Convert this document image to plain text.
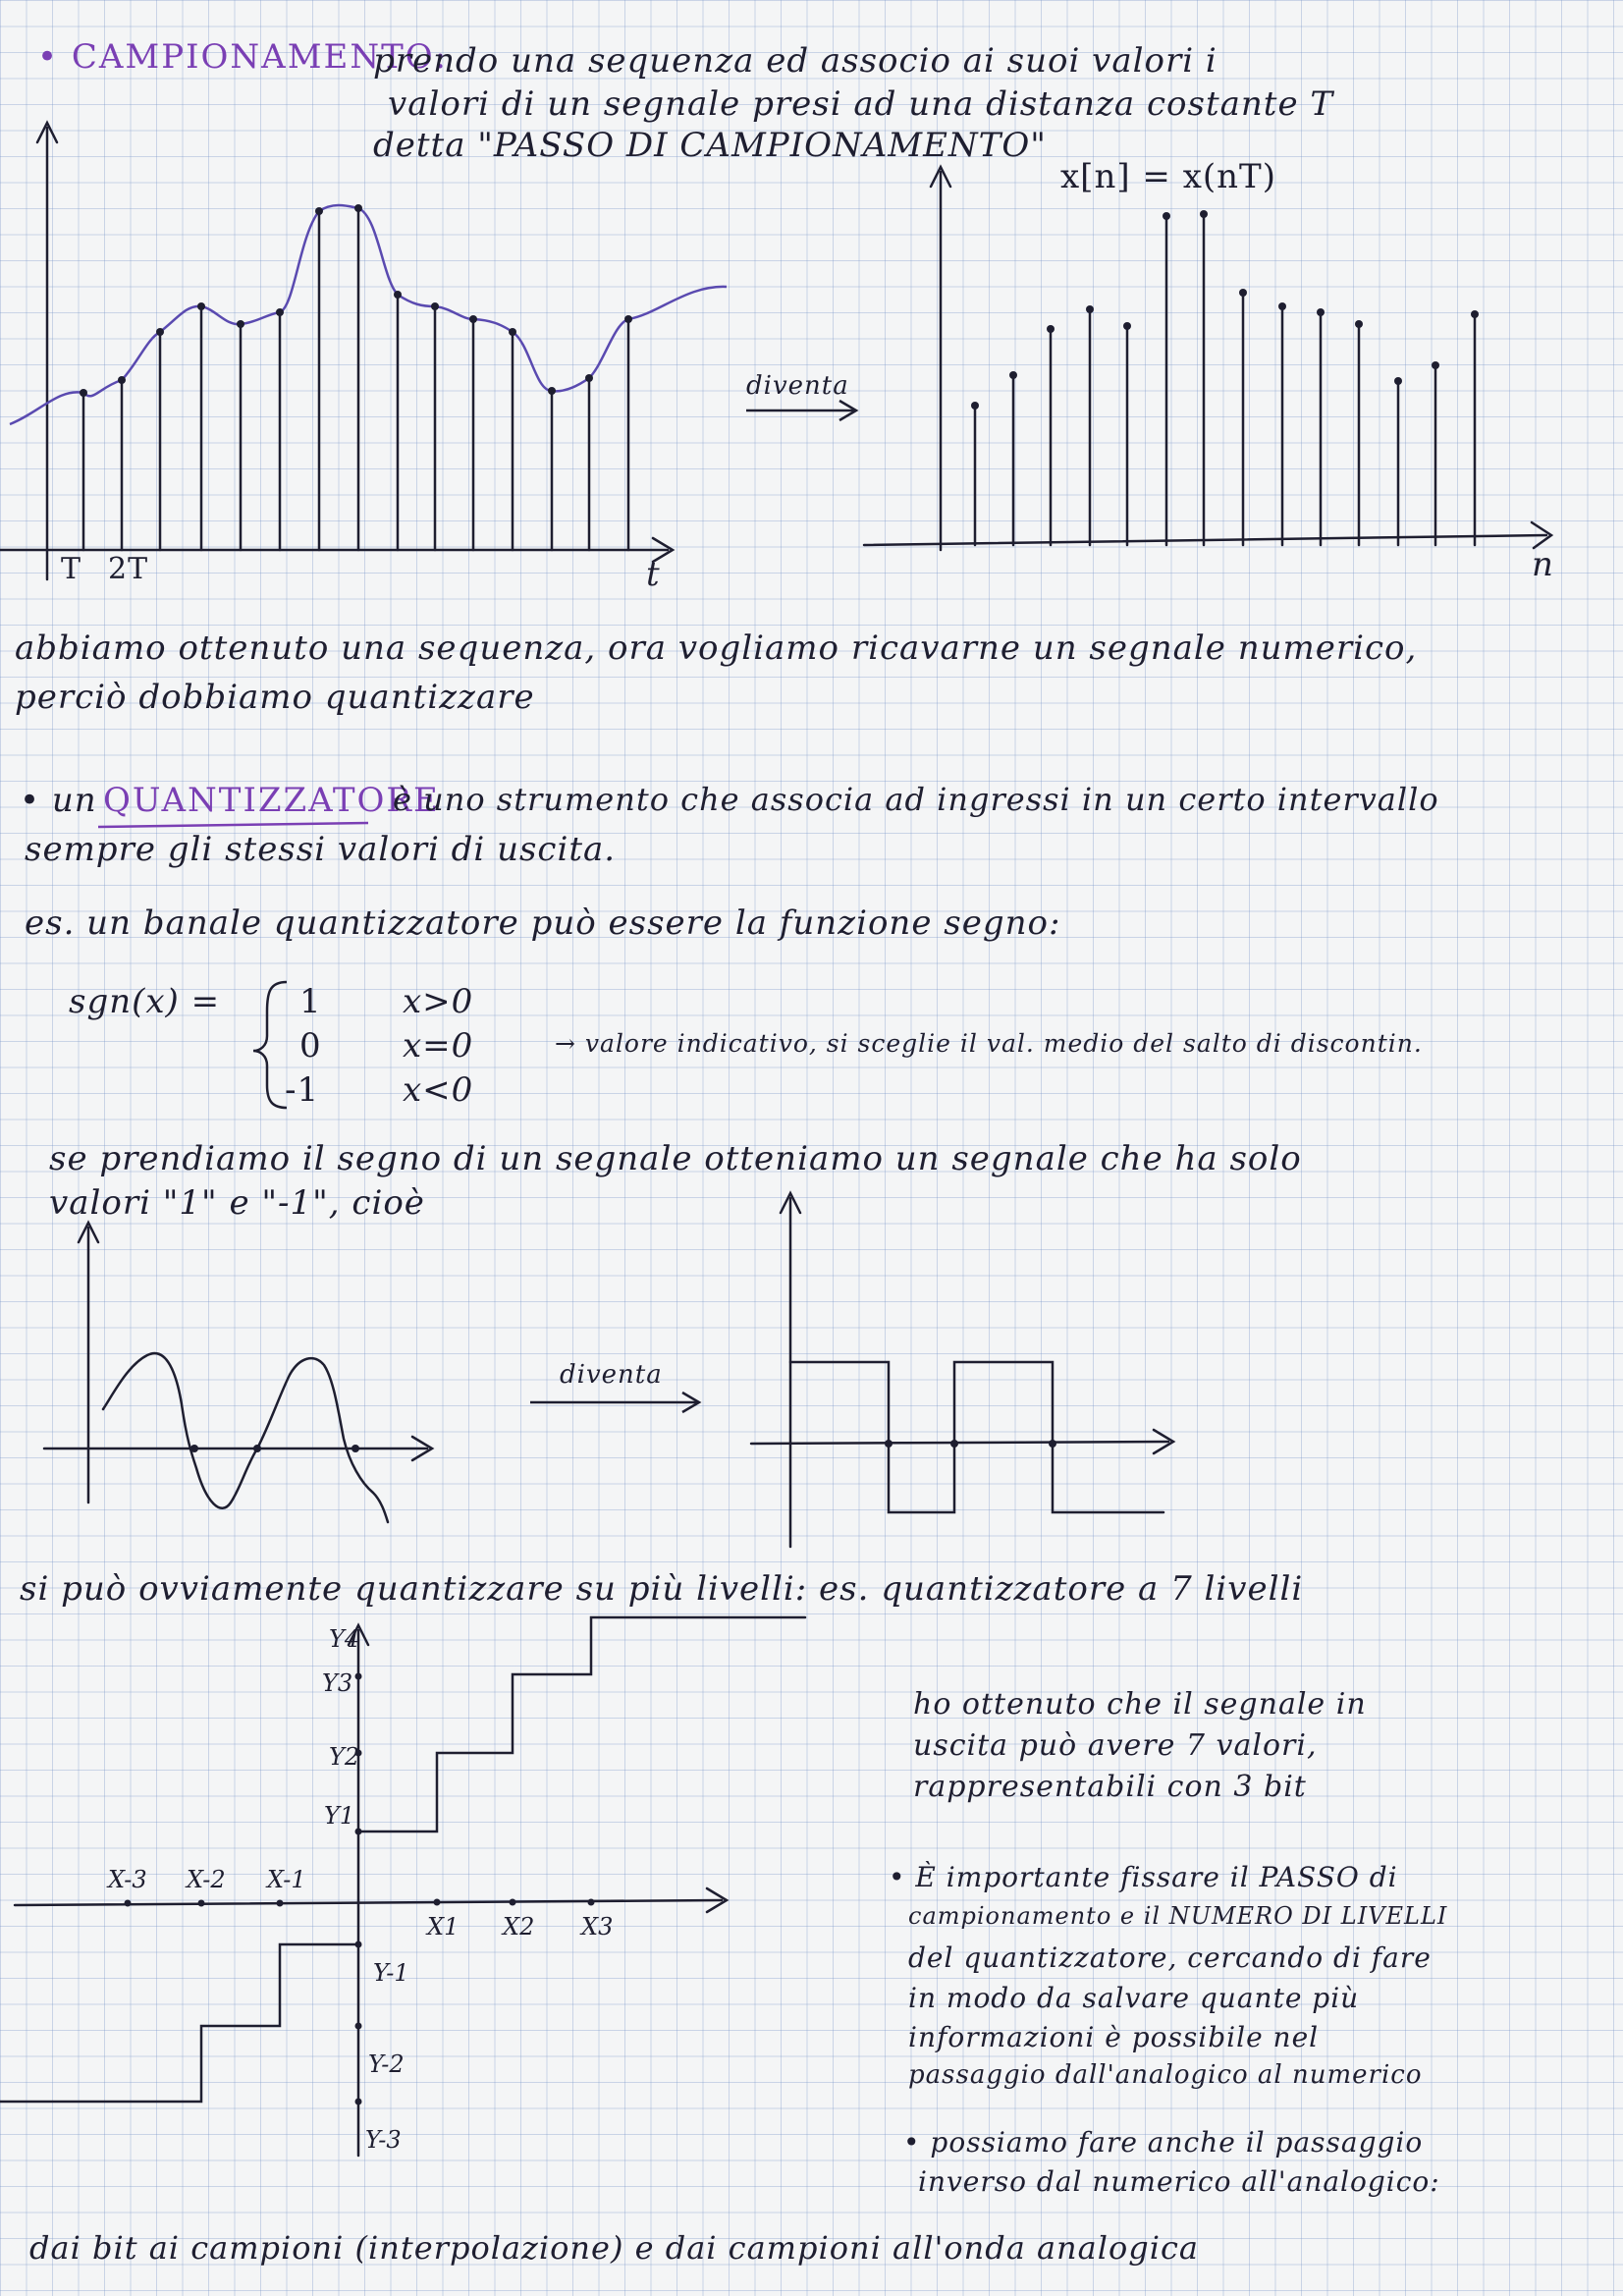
• CAMPIONAMENTO:
prendo una sequenza ed associo ai suoi valori i
valori di un segnale presi ad una distanza costante T
detta "PASSO DI CAMPIONAMENTO"
t
T 2T
diventa
x[n] = x(nT)
n
abbiamo ottenuto una sequenza, ora vogliamo ricavarne un segnale numerico,
perciò dobbiamo quantizzare
• un QUANTIZZATORE
è uno strumento che associa ad ingressi in un certo intervallo
sempre gli stessi valori di uscita.
es. un banale quantizzatore può essere la funzione segno:
sgn(x) = 1 x>0
0 x=0
-1 x<0
→ valore indicativo, si sceglie il val. medio del salto di discontin.
se prendiamo il segno di un segnale otteniamo un segnale che ha solo
valori "1" e "-1", cioè
diventa
si può ovviamente quantizzare su più livelli: es. quantizzatore a 7 livelli
Y4
Y3
Y2
Y1
Y-1
Y-2
Y-3
X-3 X-2 X-1
X1 X2 X3
ho ottenuto che il segnale in
uscita può avere 7 valori,
rappresentabili con 3 bit
• È importante fissare il PASSO di
campionamento e il NUMERO DI LIVELLI
del quantizzatore, cercando di fare
in modo da salvare quante più
informazioni è possibile nel
passaggio dall'analogico al numerico
• possiamo fare anche il passaggio
inverso dal numerico all'analogico:
dai bit ai campioni (interpolazione) e dai campioni all'onda analogica
